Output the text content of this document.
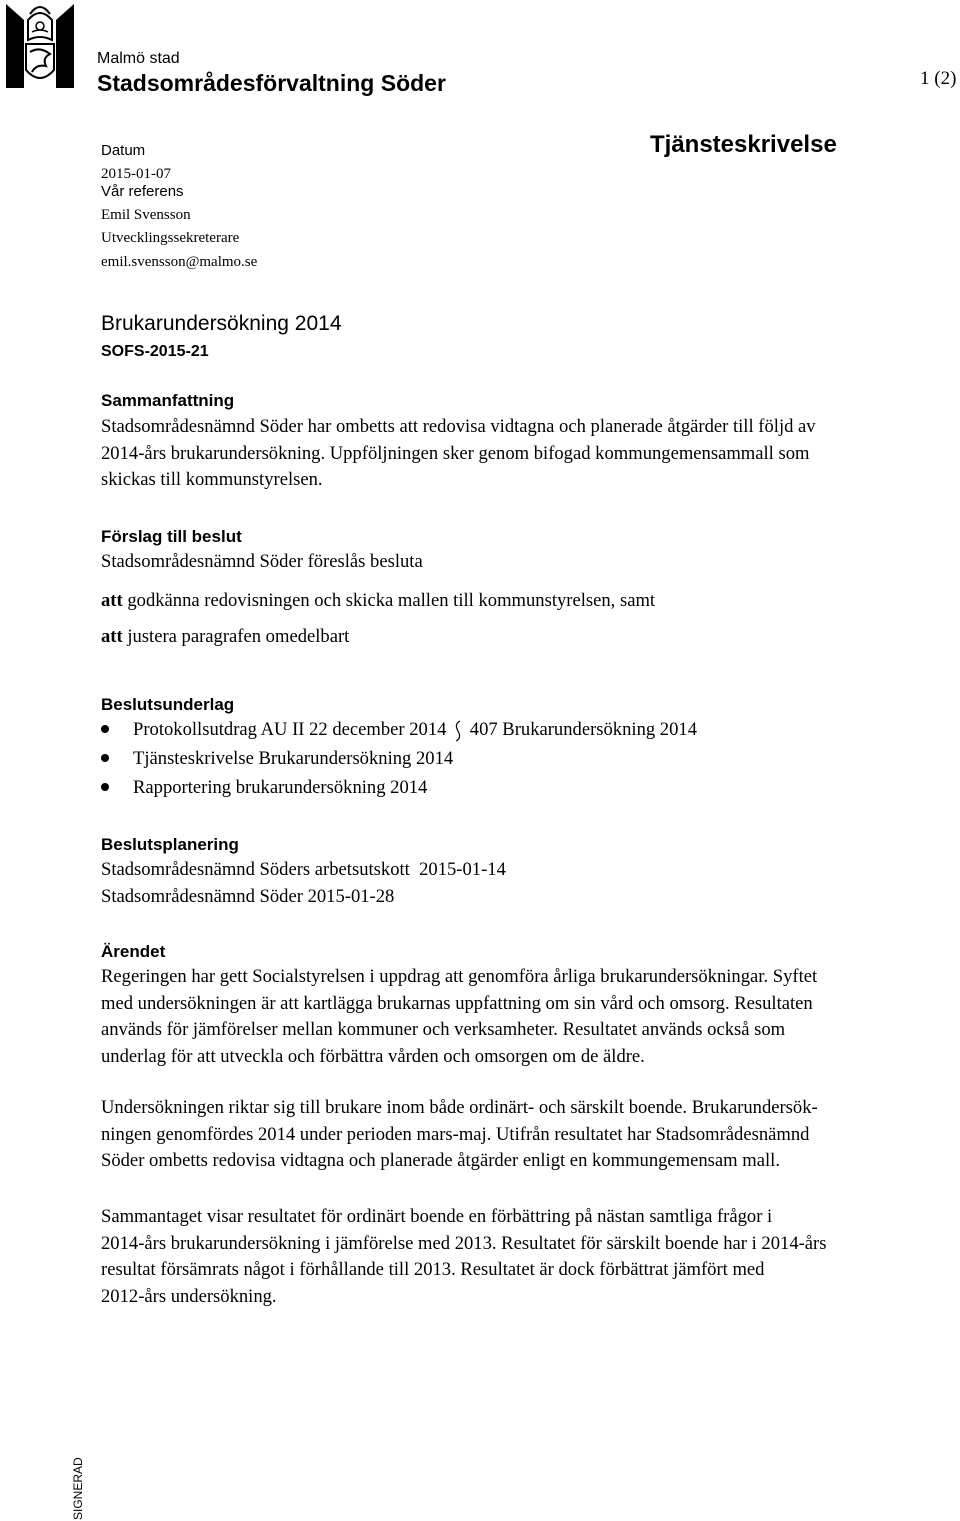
Malmö stad
Stadsområdesförvaltning Söder	1 (2)
Datum
2015-01-07
Vår referens
Emil Svensson
Utvecklingssekreterare
emil.svensson@malmo.se
Tjänsteskrivelse
Brukarundersökning 2014
SOFS-2015-21
Sammanfattning
Stadsområdesnämnd Söder har ombetts att redovisa vidtagna och planerade åtgärder till följd av
2014-års brukarundersökning. Uppföljningen sker genom bifogad kommungemensammall som
skickas till kommunstyrelsen.
Förslag till beslut
Stadsområdesnämnd Söder föreslås besluta
att godkänna redovisningen och skicka mallen till kommunstyrelsen, samt
att justera paragrafen omedelbart
Beslutsunderlag
Protokollsutdrag AU II 22 december 2014 407 Brukarundersökning 2014
Tjänsteskrivelse Brukarundersökning 2014
Rapportering brukarundersökning 2014
Beslutsplanering
Stadsområdesnämnd Söders arbetsutskott  2015-01-14
Stadsområdesnämnd Söder 2015-01-28
Ärendet
Regeringen har gett Socialstyrelsen i uppdrag att genomföra årliga brukarundersökningar. Syftet
med undersökningen är att kartlägga brukarnas uppfattning om sin vård och omsorg. Resultaten
används för jämförelser mellan kommuner och verksamheter. Resultatet används också som
underlag för att utveckla och förbättra vården och omsorgen om de äldre.
Undersökningen riktar sig till brukare inom både ordinärt- och särskilt boende. Brukarundersök-
ningen genomfördes 2014 under perioden mars-maj. Utifrån resultatet har Stadsområdesnämnd
Söder ombetts redovisa vidtagna och planerade åtgärder enligt en kommungemensam mall.
Sammantaget visar resultatet för ordinärt boende en förbättring på nästan samtliga frågor i
2014-års brukarundersökning i jämförelse med 2013. Resultatet för särskilt boende har i 2014-års
resultat försämrats något i förhållande till 2013. Resultatet är dock förbättrat jämfört med
2012-års undersökning.
SIGNERAD
